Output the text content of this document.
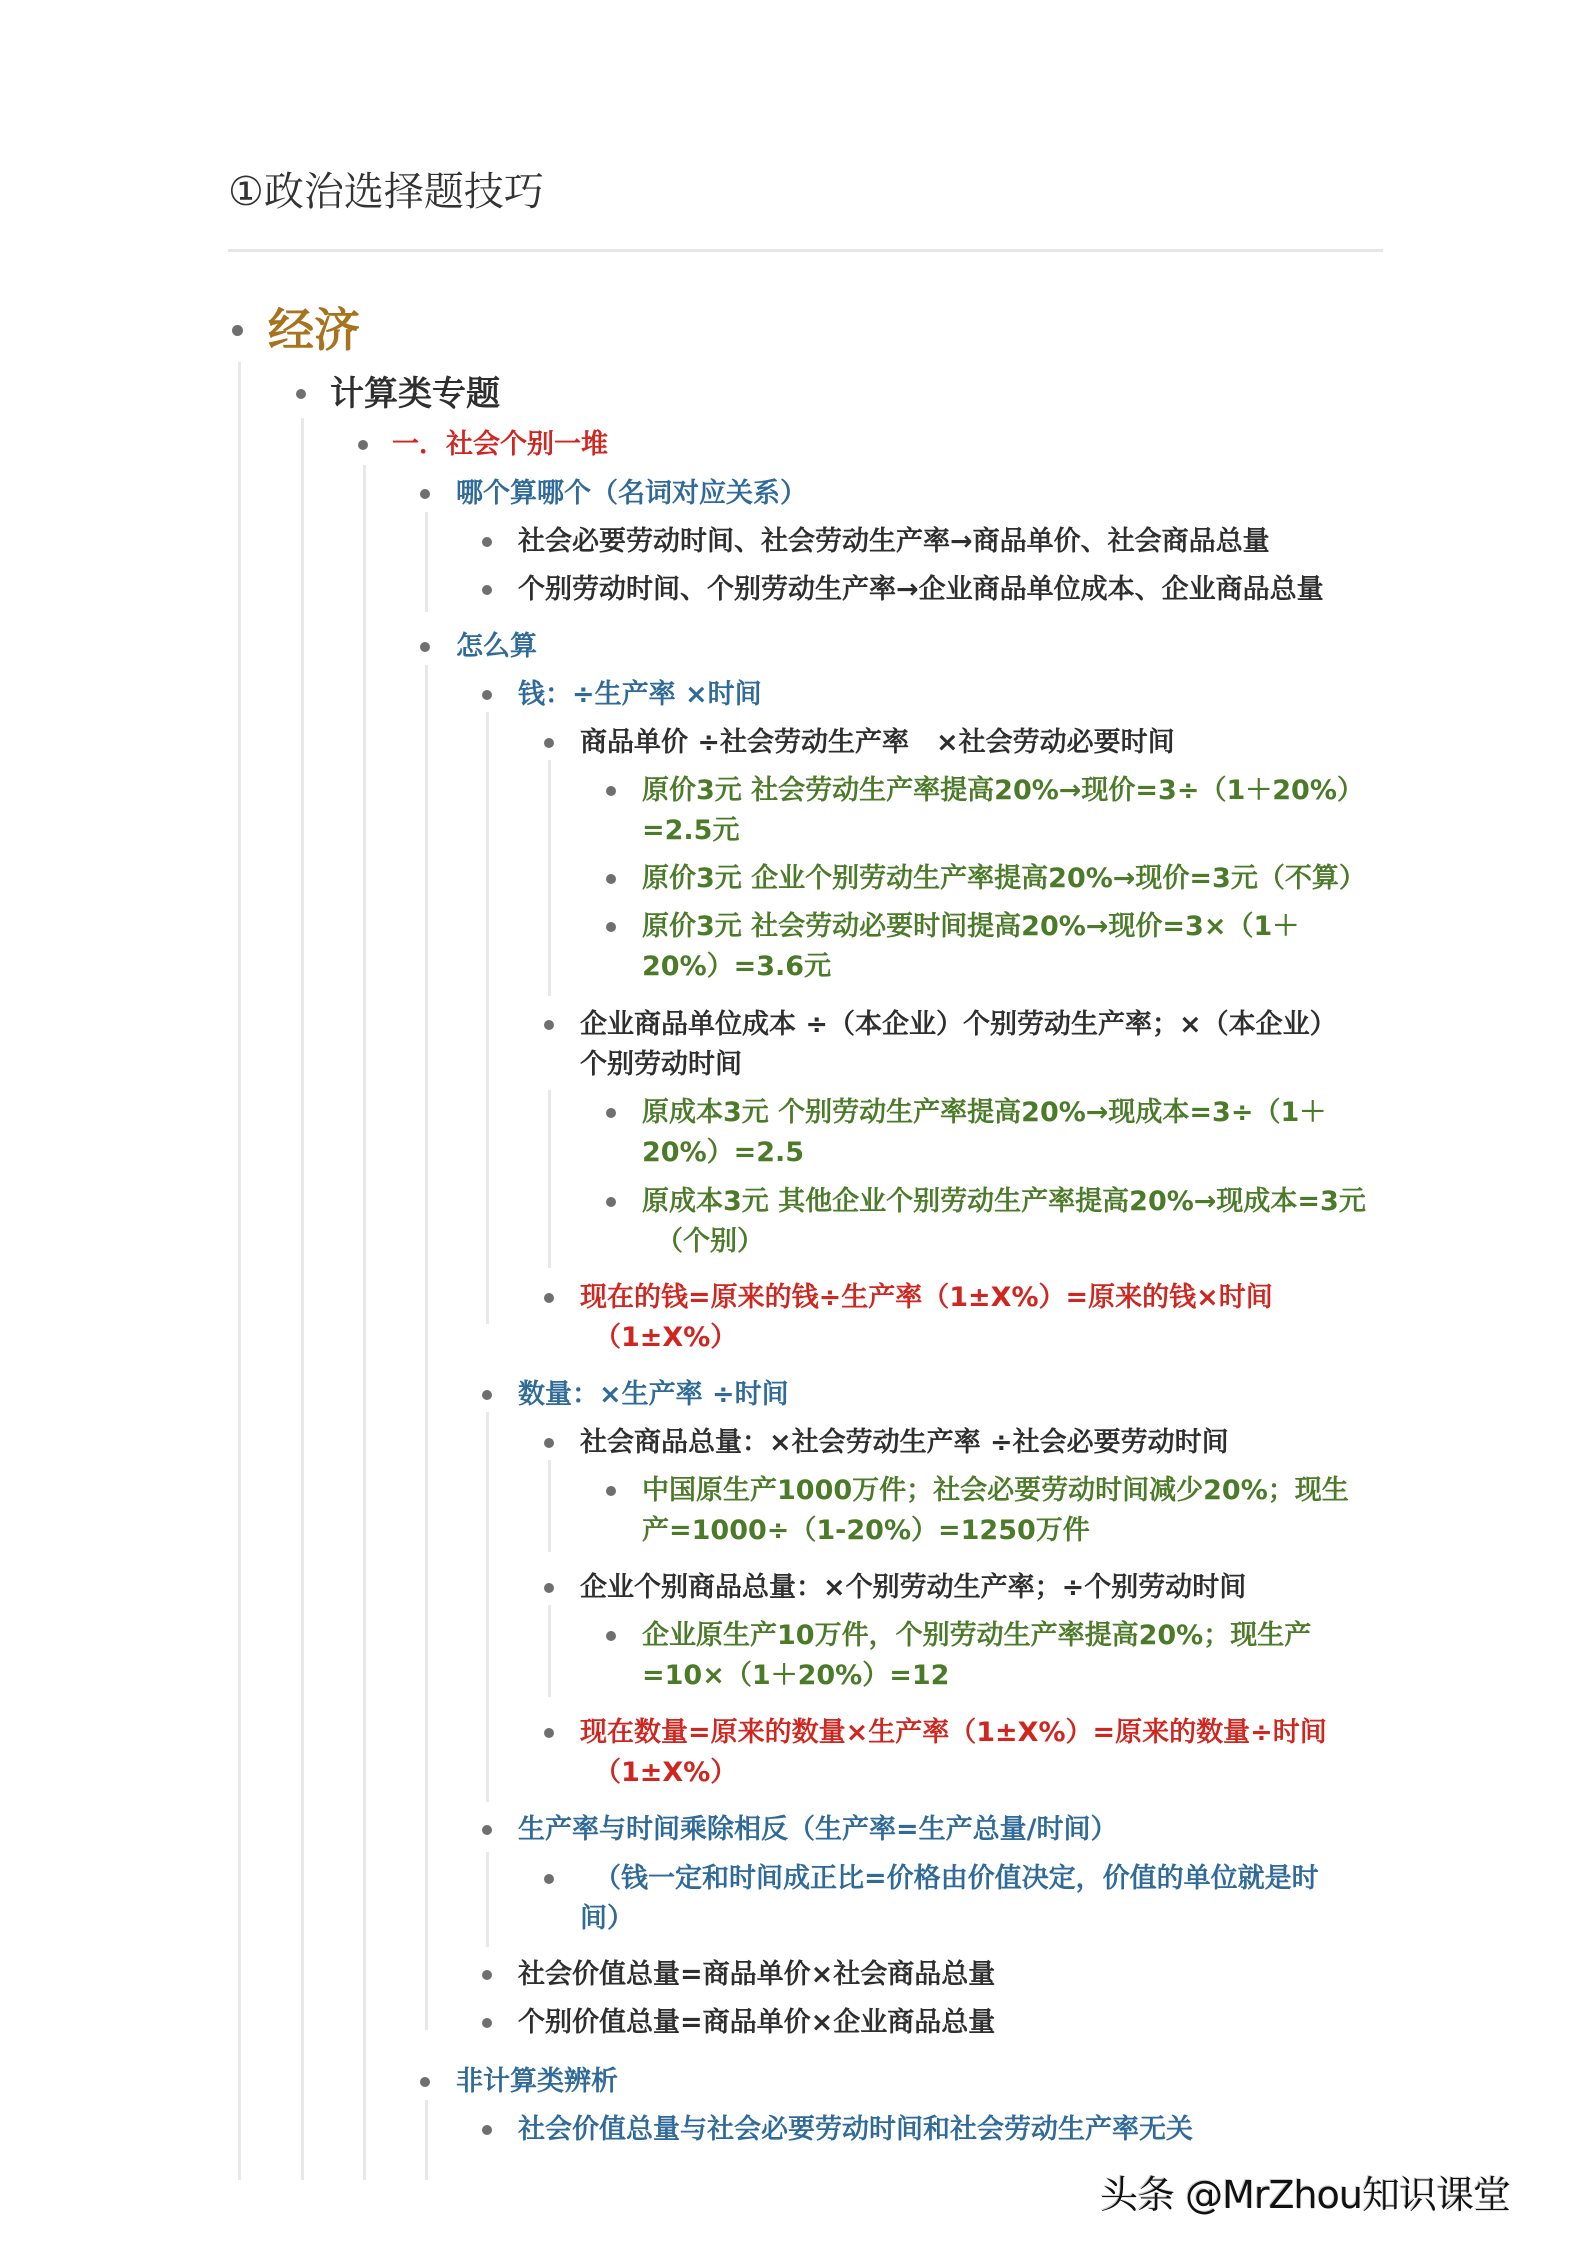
①政治选择题技巧
经济
计算类专题
一．社会个别一堆
哪个算哪个（名词对应关系）
社会必要劳动时间、社会劳动生产率→商品单价、社会商品总量
个别劳动时间、个别劳动生产率→企业商品单位成本、企业商品总量
怎么算
钱：÷生产率 ×时间
商品单价 ÷社会劳动生产率　×社会劳动必要时间
原价3元 社会劳动生产率提高20%→现价=3÷（1＋20%）
=2.5元
原价3元 企业个别劳动生产率提高20%→现价=3元（不算）
原价3元 社会劳动必要时间提高20%→现价=3×（1＋
20%）=3.6元
企业商品单位成本 ÷（本企业）个别劳动生产率；×（本企业）
个别劳动时间
原成本3元 个别劳动生产率提高20%→现成本=3÷（1＋
20%）=2.5
原成本3元 其他企业个别劳动生产率提高20%→现成本=3元
（个别）
现在的钱=原来的钱÷生产率（1±X%）=原来的钱×时间
（1±X%）
数量：×生产率 ÷时间
社会商品总量：×社会劳动生产率 ÷社会必要劳动时间
中国原生产1000万件；社会必要劳动时间减少20%；现生
产=1000÷（1-20%）=1250万件
企业个别商品总量：×个别劳动生产率；÷个别劳动时间
企业原生产10万件，个别劳动生产率提高20%；现生产
=10×（1＋20%）=12
现在数量=原来的数量×生产率（1±X%）=原来的数量÷时间
（1±X%）
生产率与时间乘除相反（生产率=生产总量/时间）
（钱一定和时间成正比=价格由价值决定，价值的单位就是时
间）
社会价值总量=商品单价×社会商品总量
个别价值总量=商品单价×企业商品总量
非计算类辨析
社会价值总量与社会必要劳动时间和社会劳动生产率无关
头条 @MrZhou知识课堂
